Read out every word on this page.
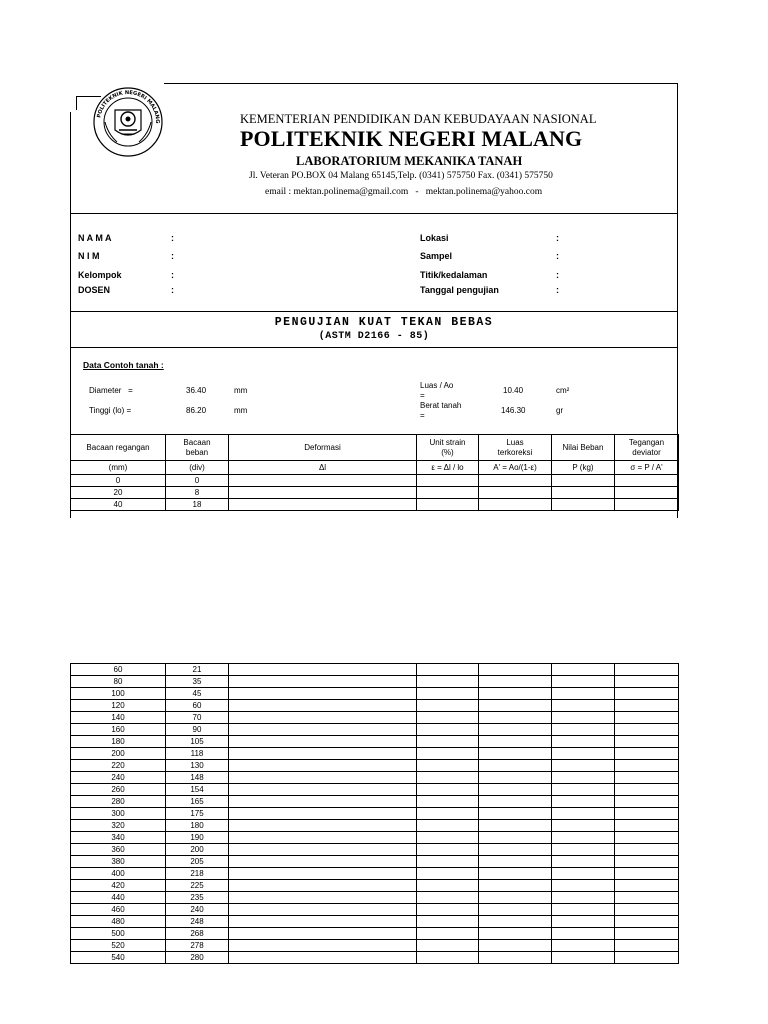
POLITEKNIK NEGERI MALANG	KEMENTERIAN PENDIDIKAN DAN KEBUDAYAAN NASIONAL
POLITEKNIK NEGERI MALANG
LABORATORIUM MEKANIKA TANAH
Jl. Veteran PO.BOX 04 Malang 65145,Telp. (0341) 575750 Fax. (0341) 575750
email : mektan.polinema@gmail.com   -   mektan.polinema@yahoo.com
N A M A	:
N I M	:
Kelompok	:
DOSEN	:
Lokasi	:
Sampel	:
Titik/kedalaman	:
Tanggal pengujian	:
PENGUJIAN KUAT TEKAN BEBAS
(ASTM D2166 - 85)
Data Contoh tanah :
Diameter   =	36.40	mm
Tinggi (lo) =	86.20	mm
Luas / Ao
=
10.40	cm²
Berat tanah
=
146.30	gr
Bacaan regangan	Bacaan beban	Deformasi	Unit strain (%)	Luas terkoreksi	Nilai Beban	Tegangan deviator
(mm)	(div)	Δl	ε = Δl / lo	A' = Ao/(1-ε)	P (kg)	σ = P / A'
0	0					
20	8					
40	18					
60	21					
80	35					
100	45					
120	60					
140	70					
160	90					
180	105					
200	118					
220	130					
240	148					
260	154					
280	165					
300	175					
320	180					
340	190					
360	200					
380	205					
400	218					
420	225					
440	235					
460	240					
480	248					
500	268					
520	278					
540	280					
